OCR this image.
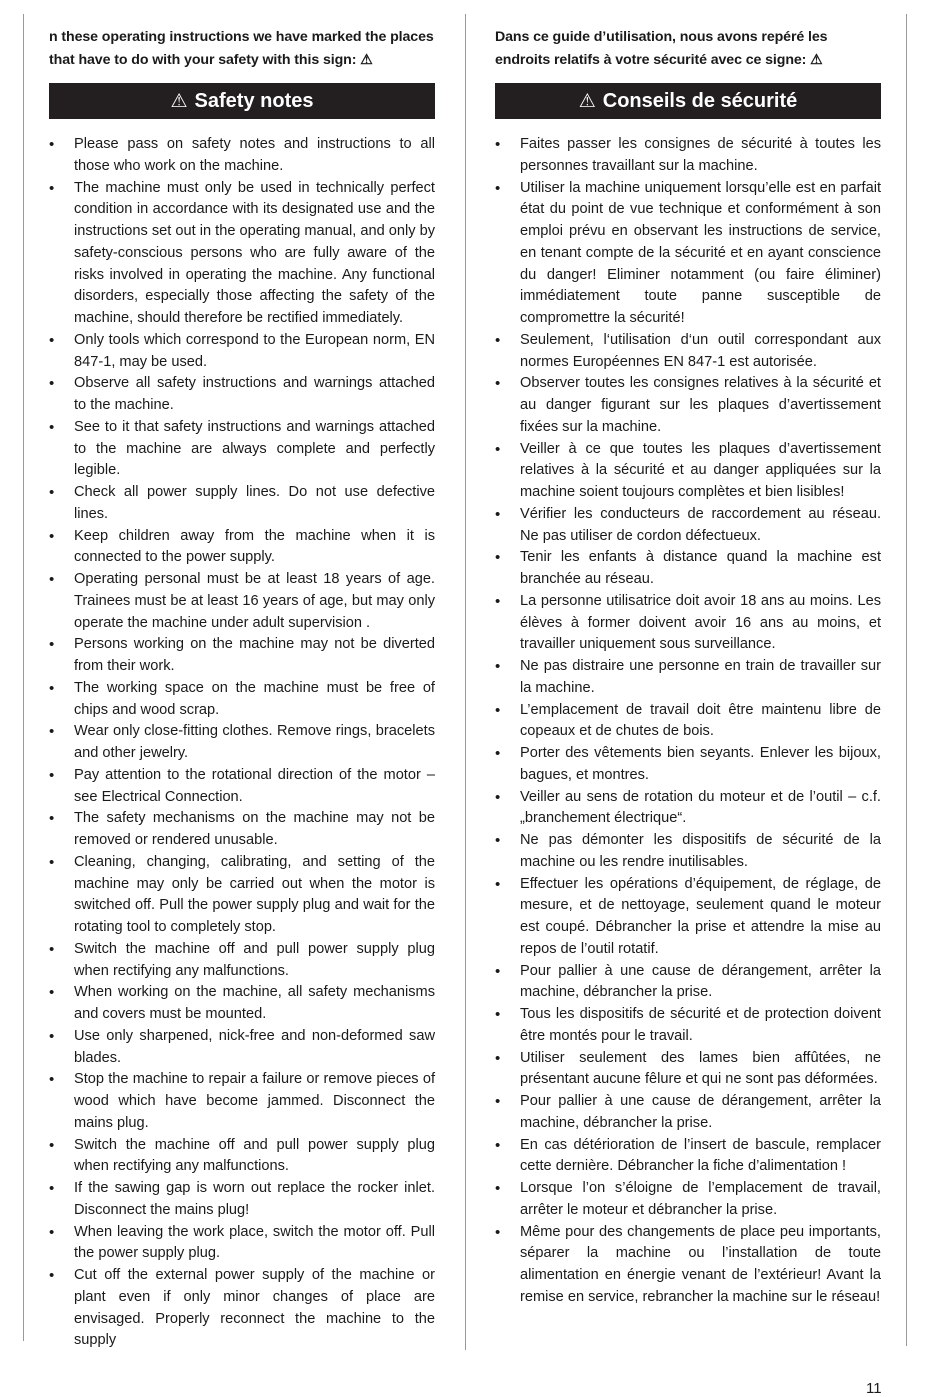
n these operating instructions we have marked the places that have to do with your safety with this sign: ⚠
⚠ Safety notes
• Please pass on safety notes and instructions to all those who work on the machine.
• The machine must only be used in technically perfect condition in accordance with its designated use and the instructions set out in the operating manual, and only by safety-conscious persons who are fully aware of the risks involved in operating the machine. Any functional disorders, especially those affecting the safety of the machine, should therefore be rectified immediately.
• Only tools which correspond to the European norm, EN 847-1, may be used.
• Observe all safety instructions and warnings attached to the machine.
• See to it that safety instructions and warnings attached to the machine are always complete and perfectly legible.
• Check all power supply lines. Do not use defective lines.
• Keep children away from the machine when it is connected to the power supply.
• Operating personal must be at least 18 years of age. Trainees must be at least 16 years of age, but may only operate the machine under adult supervision .
• Persons working on the machine may not be diverted from their work.
• The working space on the machine must be free of chips and wood scrap.
• Wear only close-fitting clothes. Remove rings, bracelets and other jewelry.
• Pay attention to the rotational direction of the motor – see Electrical Connection.
• The safety mechanisms on the machine may not be removed or rendered unusable.
• Cleaning, changing, calibrating, and setting of the machine may only be carried out when the motor is switched off. Pull the power supply plug and wait for the rotating tool to completely stop.
• Switch the machine off and pull power supply plug when rectifying any malfunctions.
• When working on the machine, all safety mechanisms and covers must be mounted.
• Use only sharpened, nick-free and non-deformed saw blades.
• Stop the machine to repair a failure or remove pieces of wood which have become jammed. Disconnect the mains plug.
• Switch the machine off and pull power supply plug when rectifying any malfunctions.
• If the sawing gap is worn out replace the rocker inlet. Disconnect the mains plug!
• When leaving the work place, switch the motor off. Pull the power supply plug.
• Cut off the external power supply of the machine or plant even if only minor changes of place are envisaged. Properly reconnect the machine to the supply
Dans ce guide d’utilisation, nous avons repéré les endroits relatifs à votre sécurité avec ce signe: ⚠
⚠ Conseils de sécurité
• Faites passer les consignes de sécurité à toutes les personnes travaillant sur la machine.
• Utiliser la machine uniquement lorsqu’elle est en parfait état du point de vue technique et conformément à son emploi prévu en observant les instructions de service, en tenant compte de la sécurité et en ayant conscience du danger! Eliminer notamment (ou faire éliminer) immédiatement toute panne susceptible de compromettre la sécurité!
• Seulement, l‘utilisation d‘un outil correspondant aux normes Européennes EN 847-1 est autorisée.
• Observer toutes les consignes relatives à la sécurité et au danger figurant sur les plaques d’avertissement fixées sur la machine.
• Veiller à ce que toutes les plaques d’avertissement relatives à la sécurité et au danger appliquées sur la machine soient toujours complètes et bien lisibles!
• Vérifier les conducteurs de raccordement au réseau. Ne pas utiliser de cordon défectueux.
• Tenir les enfants à distance quand la machine est branchée au réseau.
• La personne utilisatrice doit avoir 18 ans au moins. Les élèves à former doivent avoir 16 ans au moins, et travailler uniquement sous surveillance.
• Ne pas distraire une personne en train de travailler sur la machine.
• L’emplacement de travail doit être maintenu libre de copeaux et de chutes de bois.
• Porter des vêtements bien seyants. Enlever les bijoux, bagues, et montres.
• Veiller au sens de rotation du moteur et de l’outil – c.f. „branchement électrique“.
• Ne pas démonter les dispositifs de sécurité de la machine ou les rendre inutilisables.
• Effectuer les opérations d’équipement, de réglage, de mesure, et de nettoyage, seulement quand le moteur est coupé. Débrancher la prise et attendre la mise au repos de l’outil rotatif.
• Pour pallier à une cause de dérangement, arrêter la machine, débrancher la prise.
• Tous les dispositifs de sécurité et de protection doivent être montés pour le travail.
• Utiliser seulement des lames bien affûtées, ne présentant aucune fêlure et qui ne sont pas déformées.
• Pour pallier à une cause de dérangement, arrêter la machine, débrancher la prise.
• En cas détérioration de l’insert de bascule, remplacer cette dernière. Débrancher la fiche d’alimentation !
• Lorsque l’on s’éloigne de l’emplacement de travail, arrêter le moteur et débrancher la prise.
• Même pour des changements de place peu importants, séparer la machine ou l’installation de toute alimentation en énergie venant de l’extérieur! Avant la remise en service, rebrancher la machine sur le réseau!
11
